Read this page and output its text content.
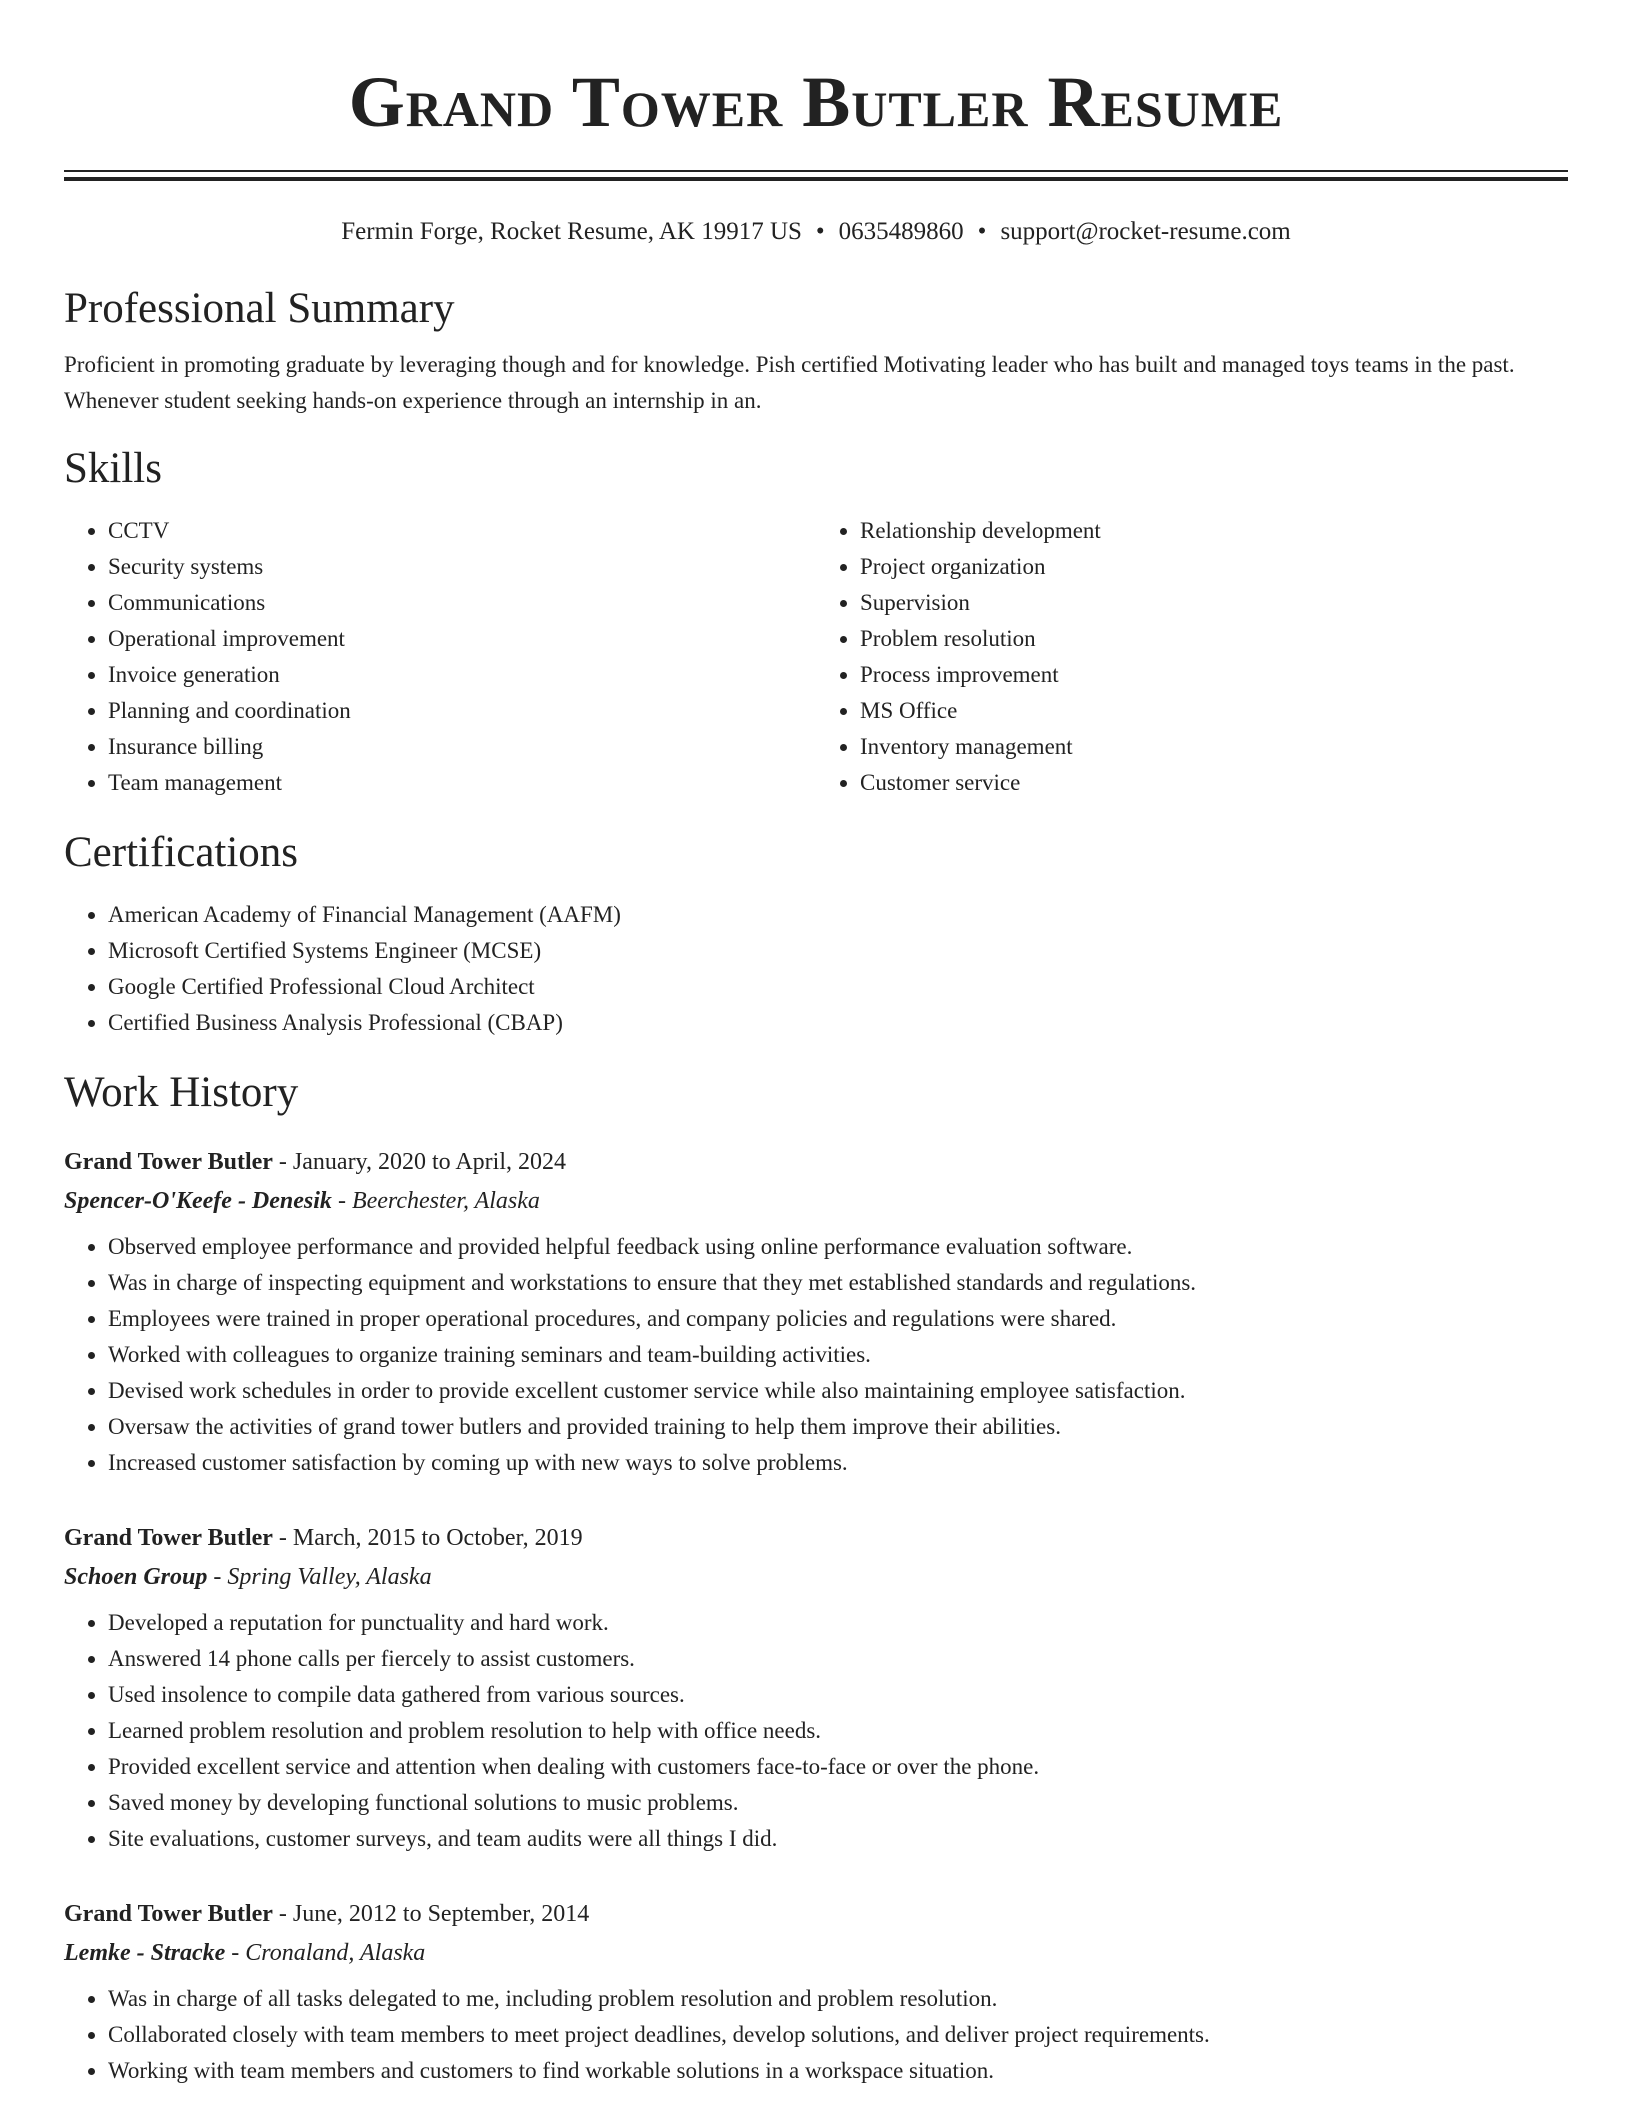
Grand Tower Butler Resume
Fermin Forge, Rocket Resume, AK 19917 US • 0635489860 • support@rocket-resume.com
Professional Summary
Proficient in promoting graduate by leveraging though and for knowledge. Pish certified Motivating leader who has built and managed toys teams in the past. Whenever student seeking hands-on experience through an internship in an.
Skills
• CCTV
• Security systems
• Communications
• Operational improvement
• Invoice generation
• Planning and coordination
• Insurance billing
• Team management
• Relationship development
• Project organization
• Supervision
• Problem resolution
• Process improvement
• MS Office
• Inventory management
• Customer service
Certifications
• American Academy of Financial Management (AAFM)
• Microsoft Certified Systems Engineer (MCSE)
• Google Certified Professional Cloud Architect
• Certified Business Analysis Professional (CBAP)
Work History
Grand Tower Butler - January, 2020 to April, 2024
Spencer-O'Keefe - Denesik - Beerchester, Alaska
• Observed employee performance and provided helpful feedback using online performance evaluation software.
• Was in charge of inspecting equipment and workstations to ensure that they met established standards and regulations.
• Employees were trained in proper operational procedures, and company policies and regulations were shared.
• Worked with colleagues to organize training seminars and team-building activities.
• Devised work schedules in order to provide excellent customer service while also maintaining employee satisfaction.
• Oversaw the activities of grand tower butlers and provided training to help them improve their abilities.
• Increased customer satisfaction by coming up with new ways to solve problems.
Grand Tower Butler - March, 2015 to October, 2019
Schoen Group - Spring Valley, Alaska
• Developed a reputation for punctuality and hard work.
• Answered 14 phone calls per fiercely to assist customers.
• Used insolence to compile data gathered from various sources.
• Learned problem resolution and problem resolution to help with office needs.
• Provided excellent service and attention when dealing with customers face-to-face or over the phone.
• Saved money by developing functional solutions to music problems.
• Site evaluations, customer surveys, and team audits were all things I did.
Grand Tower Butler - June, 2012 to September, 2014
Lemke - Stracke - Cronaland, Alaska
• Was in charge of all tasks delegated to me, including problem resolution and problem resolution.
• Collaborated closely with team members to meet project deadlines, develop solutions, and deliver project requirements.
• Working with team members and customers to find workable solutions in a workspace situation.
